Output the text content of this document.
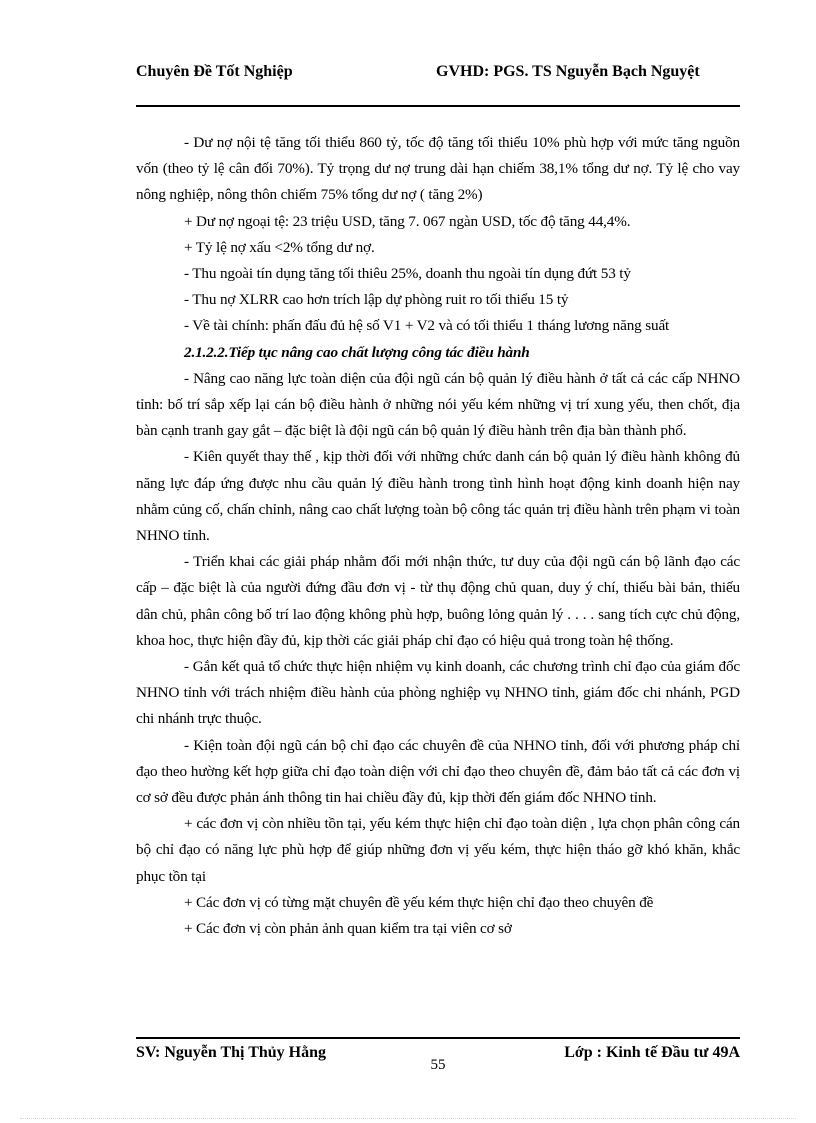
Chuyên Đề Tốt Nghiệp	GVHD: PGS. TS Nguyễn Bạch Nguyệt

- Dư nợ nội tệ tăng tối thiểu 860 tỷ, tốc độ tăng tối thiểu 10% phù hợp với mức tăng nguồn vốn (theo tỷ lệ cân đối 70%). Tỷ trọng dư nợ trung dài hạn chiếm 38,1% tổng dư nợ. Tỷ lệ cho vay nông nghiệp, nông thôn chiếm 75% tổng dư nợ ( tăng 2%)

+ Dư nợ ngoại tệ: 23 triệu USD, tăng 7. 067 ngàn USD, tốc độ tăng 44,4%.

+ Tỷ lệ nợ xấu <2% tổng dư nợ.

- Thu ngoài tín dụng tăng tối thiêu 25%, doanh thu ngoài tín dụng đứt 53 tỷ

- Thu nợ XLRR cao hơn trích lập dự phòng ruit ro tối thiểu 15 tỷ

- Về tài chính: phấn đấu đủ hệ số V1 + V2 và có tối thiểu 1 tháng lương năng suất

2.1.2.2.Tiếp tục nâng cao chất lượng công tác điều hành

- Nâng cao năng lực toàn diện của đội ngũ cán bộ quản lý điều hành ở tất cả các cấp NHNO tỉnh: bố trí sắp xếp lại cán bộ điều hành ở những nói yếu kém những vị trí xung yếu, then chốt, địa bàn cạnh tranh gay gắt – đặc biệt là đội ngũ cán bộ quản lý điều hành trên địa bàn thành phố.

- Kiên quyết thay thế , kịp thời đối với những chức danh cán bộ quản lý điều hành không đủ năng lực đáp ứng được nhu cầu quản lý điều hành trong tình hình hoạt động kinh doanh hiện nay nhằm củng cố, chấn chỉnh, nâng cao chất lượng toàn bộ công tác quản trị điều hành trên phạm vi toàn NHNO tỉnh.

- Triển khai các giải pháp nhằm đổi mới nhận thức, tư duy của đội ngũ cán bộ lãnh đạo các cấp – đặc biệt là của người đứng đầu đơn vị - từ thụ động chủ quan, duy ý chí, thiếu bài bản, thiếu dân chủ, phân công bố trí lao động không phù hợp, buông lỏng quản lý . . . . sang tích cực chủ động, khoa hoc, thực hiện đầy đủ, kịp thời các giải pháp chỉ đạo có hiệu quả trong toàn hệ thống.

- Gắn kết quả tổ chức thực hiện nhiệm vụ kinh doanh, các chương trình chỉ đạo của giám đốc NHNO tỉnh với trách nhiệm điều hành của phòng nghiệp vụ NHNO tỉnh, giám đốc chi nhánh, PGD chi nhánh trực thuộc.

- Kiện toàn đội ngũ cán bộ chỉ đạo các chuyên đề của NHNO tỉnh, đối với phương pháp chỉ đạo theo hường kết hợp giữa chỉ đạo toàn diện với chỉ đạo theo chuyên đề, đảm bảo tất cả các đơn vị cơ sở đều được phản ánh thông tin hai chiều đầy đủ, kịp thời đến giám đốc NHNO tỉnh.

+ các đơn vị còn nhiều tồn tại, yếu kém thực hiện chỉ đạo toàn diện , lựa chọn phân công cán bộ chỉ đạo có năng lực phù hợp để giúp những đơn vị yếu kém, thực hiện tháo gỡ khó khăn, khắc phục tồn tại

+ Các đơn vị có từng mặt chuyên đề yếu kém thực hiện chỉ đạo theo chuyên đề

+ Các đơn vị còn phản ảnh quan kiểm tra tại viên cơ sở

SV: Nguyễn Thị Thủy Hằng
55
Lớp : Kinh tế Đầu tư 49A
